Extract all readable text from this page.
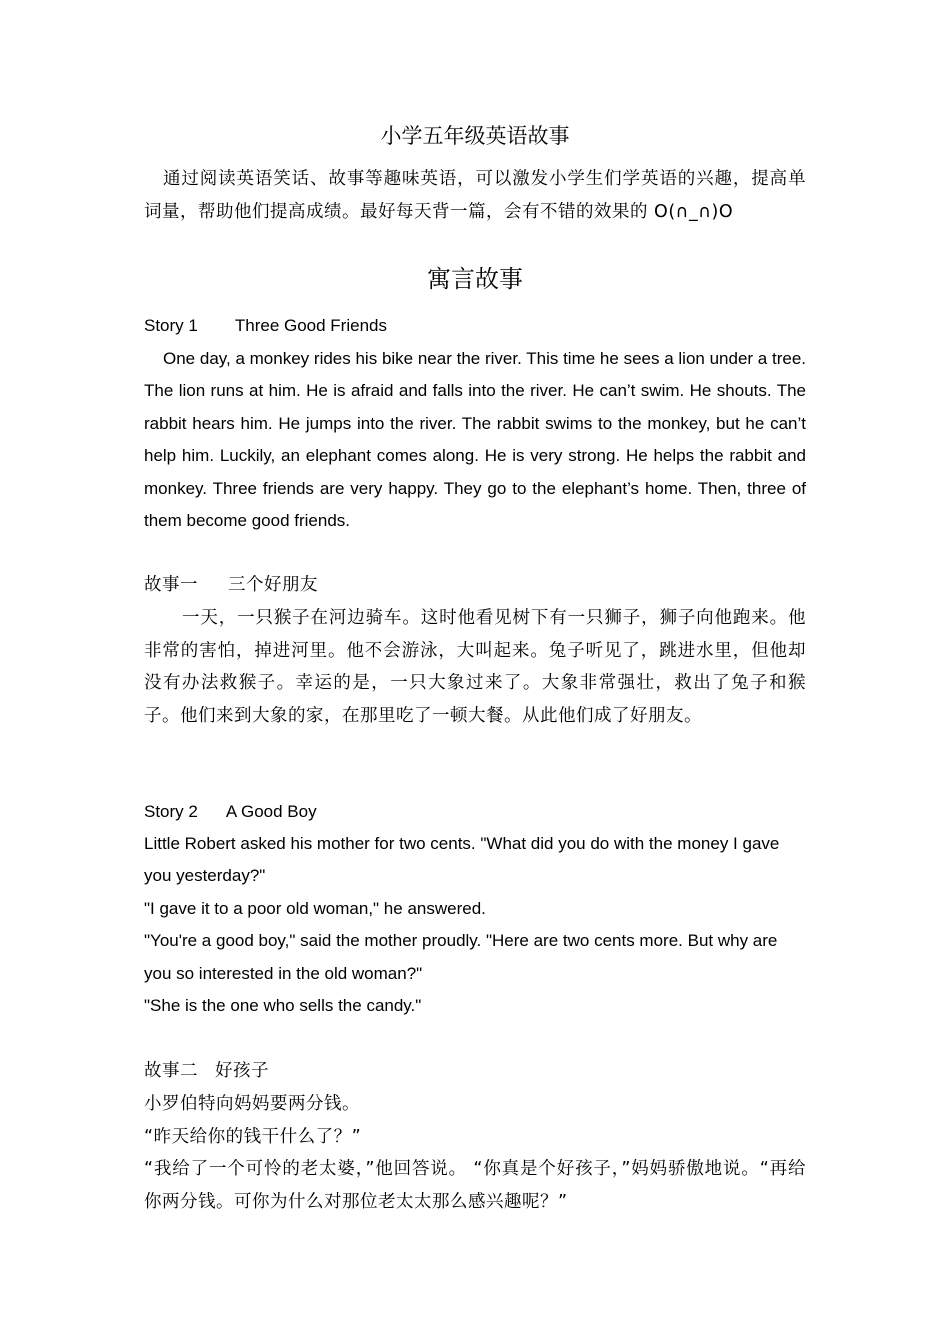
小学五年级英语故事
通过阅读英语笑话、故事等趣味英语，可以激发小学生们学英语的兴趣，提高单词量，帮助他们提高成绩。最好每天背一篇，会有不错的效果的 O(∩_∩)O
寓言故事
Story 1 Three Good Friends
One day, a monkey rides his bike near the river. This time he sees a lion under a tree. The lion runs at him. He is afraid and falls into the river. He can’t swim. He shouts. The rabbit hears him. He jumps into the river. The rabbit swims to the monkey, but he can’t help him. Luckily, an elephant comes along. He is very strong. He helps the rabbit and monkey. Three friends are very happy. They go to the elephant’s home. Then, three of them become good friends.
故事一 三个好朋友
一天，一只猴子在河边骑车。这时他看见树下有一只狮子，狮子向他跑来。他非常的害怕，掉进河里。他不会游泳，大叫起来。兔子听见了，跳进水里，但他却没有办法救猴子。幸运的是，一只大象过来了。大象非常强壮，救出了兔子和猴子。他们来到大象的家，在那里吃了一顿大餐。从此他们成了好朋友。
Story 2 A Good Boy

Little Robert asked his mother for two cents. "What did you do with the money I gave you yesterday?"

"I gave it to a poor old woman," he answered.

"You're a good boy," said the mother proudly. "Here are two cents more. But why are you so interested in the old woman?"

"She is the one who sells the candy."

故事二 好孩子

小罗伯特向妈妈要两分钱。

“昨天给你的钱干什么了？”

“我给了一个可怜的老太婆，”他回答说。 “你真是个好孩子，”妈妈骄傲地说。“再给你两分钱。可你为什么对那位老太太那么感兴趣呢？”
